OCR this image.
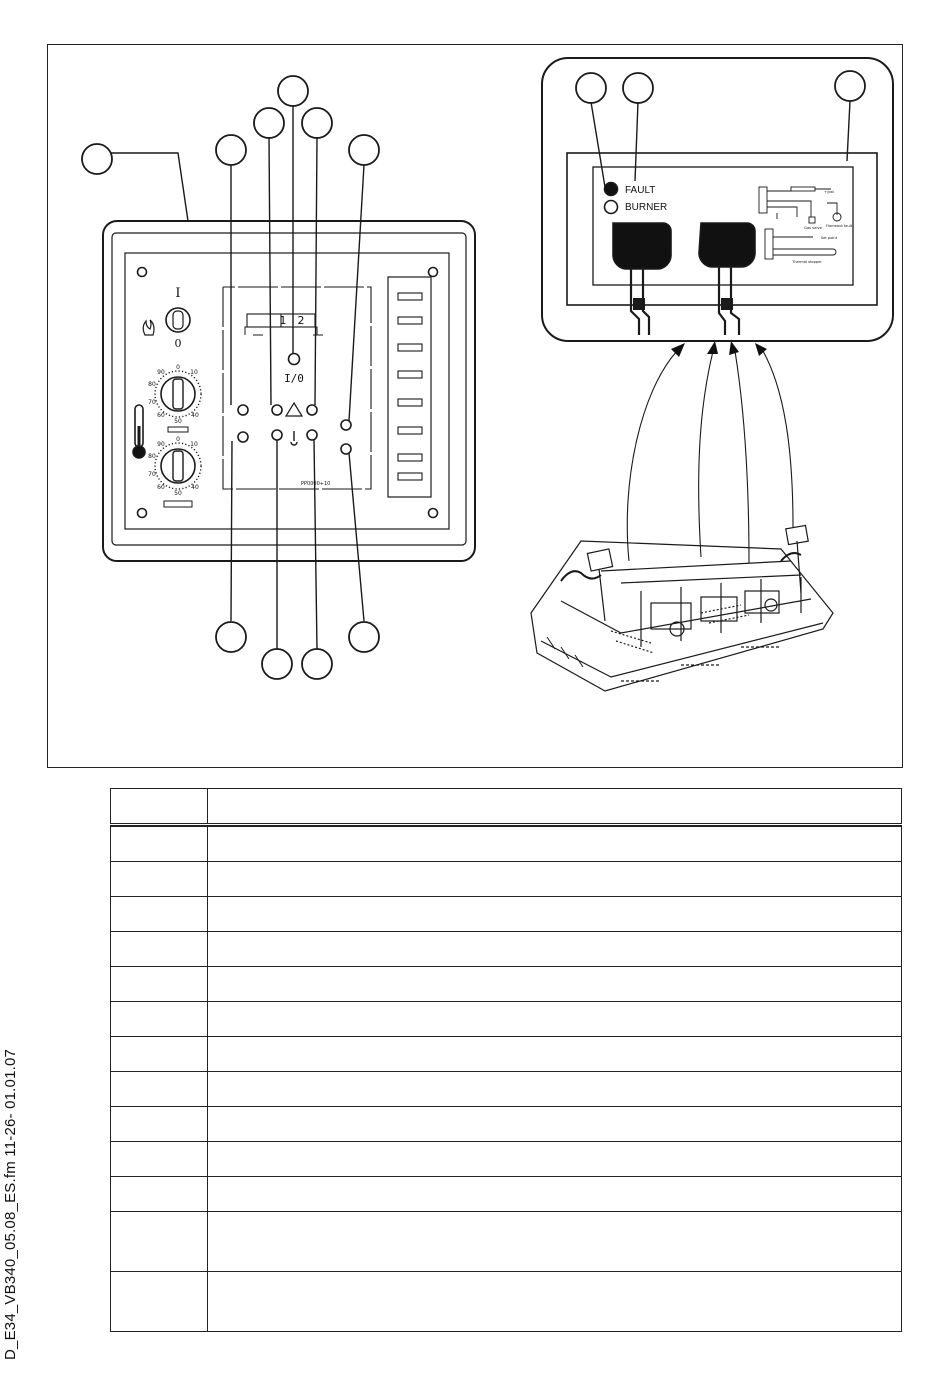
I
0
0
90	10
80
70
60
50
40
0
90	10
80
70
60
50
40
1 2
I/0
PP0000+10
FAULT
BURNER
Gas valve Flameout fault
Set point
Thermal stopper
+/pst
D_E34_VB340_05.08_ES.fm 11-26- 01.01.07
